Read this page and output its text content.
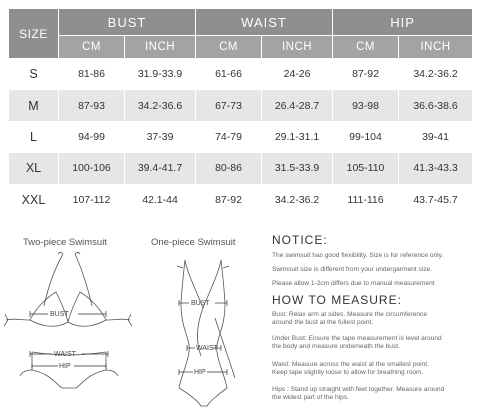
SIZE	BUST		WAIST		HIP	
	CM	INCH	CM	INCH	CM	INCH
S	81-86	31.9-33.9	61-66	24-26	87-92	34.2-36.2
M	87-93	34.2-36.6	67-73	26.4-28.7	93-98	36.6-38.6
L	94-99	37-39	74-79	29.1-31.1	99-104	39-41
XL	100-106	39.4-41.7	80-86	31.5-33.9	105-110	41.3-43.3
XXL	107-112	42.1-44	87-92	34.2-36.2	111-116	43.7-45.7
Two-piece Swimsuit
BUST
WAIST
HIP
One-piece Swimsuit
BUST
WAIST
HIP
NOTICE:
The swimsuit has good flexibility. Size is for reference only.
Swimsuit size is different from your undergarment size.
Please allow 1-2cm differs due to manual measurement
HOW TO MEASURE:
Bust: Relax arm at sides. Measure the circumference
around the bust at the fullest point.
Under Bust: Ensure the tape measurement is level around
the body and measure underneath the bust.
Waist: Measure across the waist at the smallest point.
Keep tape slightly loose to allow for breathing room.
Hips : Stand up straight with feet together. Measure around
the widest part of the hips.
